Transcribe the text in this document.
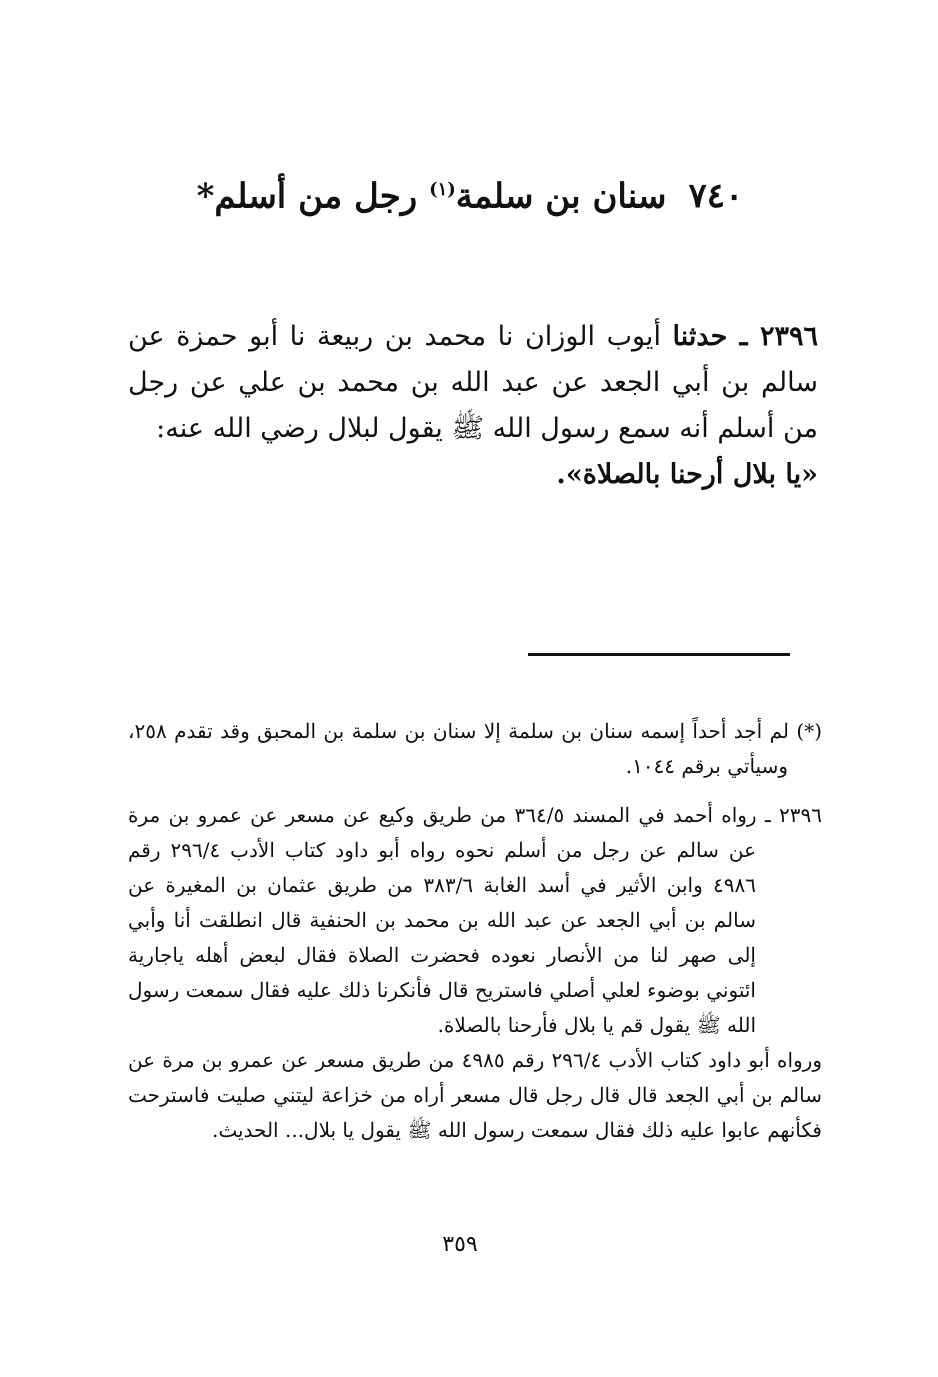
٧٤٠سنان بن سلمة$^{(١)}$ رجل من أسلم*
٢٣٩٦ ـ حدثنا أيوب الوزان نا محمد بن ربيعة نا أبو حمزة عن سالم بن أبي الجعد عن عبد الله بن محمد بن علي عن رجل من أسلم أنه سمع رسول الله ﷺ يقول لبلال رضي الله عنه:
«يا بلال أرحنا بالصلاة».
(*) لم أجد أحداً إسمه سنان بن سلمة إلا سنان بن سلمة بن المحبق وقد تقدم ٢٥٨، وسيأتي برقم ١٠٤٤.
٢٣٩٦ ـ رواه أحمد في المسند ٣٦٤/٥ من طريق وكيع عن مسعر عن عمرو بن مرة عن سالم عن رجل من أسلم نحوه رواه أبو داود كتاب الأدب ٢٩٦/٤ رقم ٤٩٨٦ وابن الأثير في أسد الغابة ٣٨٣/٦ من طريق عثمان بن المغيرة عن سالم بن أبي الجعد عن عبد الله بن محمد بن الحنفية قال انطلقت أنا وأبي إلى صهر لنا من الأنصار نعوده فحضرت الصلاة فقال لبعض أهله ياجارية ائتوني بوضوء لعلي أصلي فاستريح قال فأنكرنا ذلك عليه فقال سمعت رسول الله ﷺ يقول قم يا بلال فأرحنا بالصلاة.
ورواه أبو داود كتاب الأدب ٢٩٦/٤ رقم ٤٩٨٥ من طريق مسعر عن عمرو بن مرة عن سالم بن أبي الجعد قال قال رجل قال مسعر أراه من خزاعة ليتني صليت فاسترحت فكأنهم عابوا عليه ذلك فقال سمعت رسول الله ﷺ يقول يا بلال... الحديث.
٣٥٩
